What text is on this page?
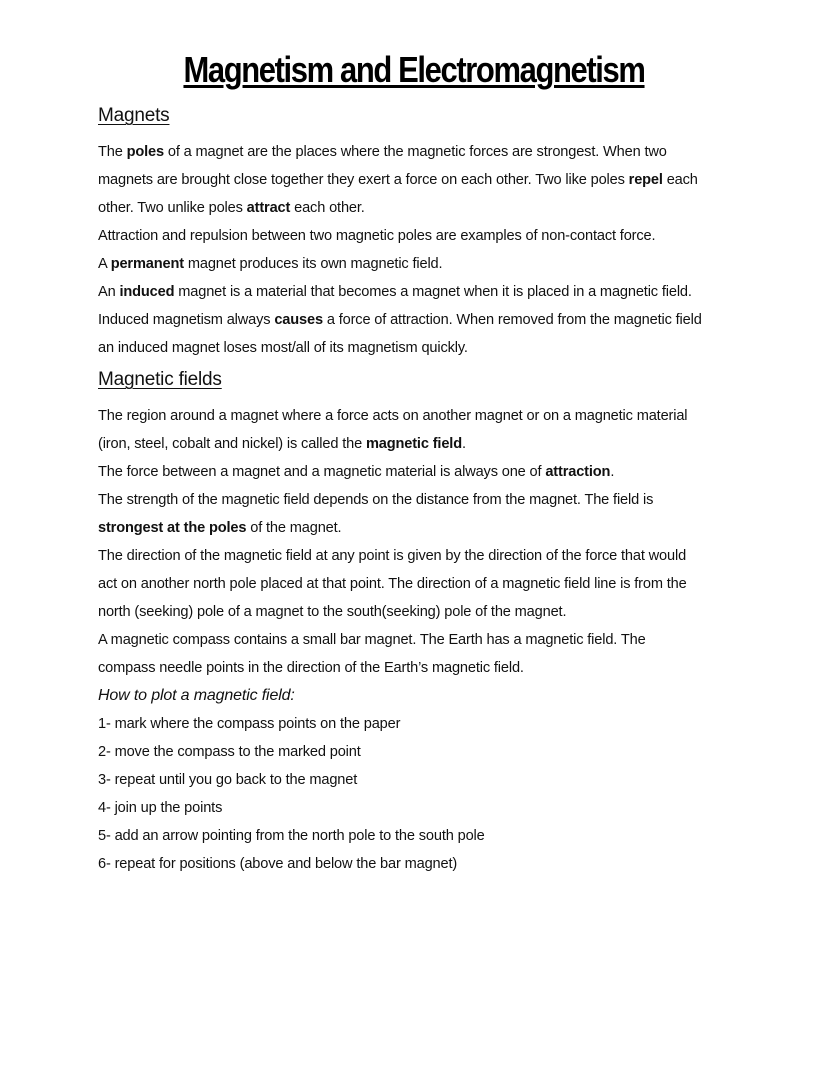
Magnetism and Electromagnetism
Magnets
The poles of a magnet are the places where the magnetic forces are strongest. When two
magnets are brought close together they exert a force on each other. Two like poles repel each
other. Two unlike poles attract each other.
Attraction and repulsion between two magnetic poles are examples of non-contact force.
A permanent magnet produces its own magnetic field.
An induced magnet is a material that becomes a magnet when it is placed in a magnetic field.
Induced magnetism always causes a force of attraction. When removed from the magnetic field
an induced magnet loses most/all of its magnetism quickly.
Magnetic fields
The region around a magnet where a force acts on another magnet or on a magnetic material
(iron, steel, cobalt and nickel) is called the magnetic field.
The force between a magnet and a magnetic material is always one of attraction.
The strength of the magnetic field depends on the distance from the magnet. The field is
strongest at the poles of the magnet.
The direction of the magnetic field at any point is given by the direction of the force that would
act on another north pole placed at that point. The direction of a magnetic field line is from the
north (seeking) pole of a magnet to the south(seeking) pole of the magnet.
A magnetic compass contains a small bar magnet. The Earth has a magnetic field. The
compass needle points in the direction of the Earth’s magnetic field.
How to plot a magnetic field:
1- mark where the compass points on the paper
2- move the compass to the marked point
3- repeat until you go back to the magnet
4- join up the points
5- add an arrow pointing from the north pole to the south pole
6- repeat for positions (above and below the bar magnet)
